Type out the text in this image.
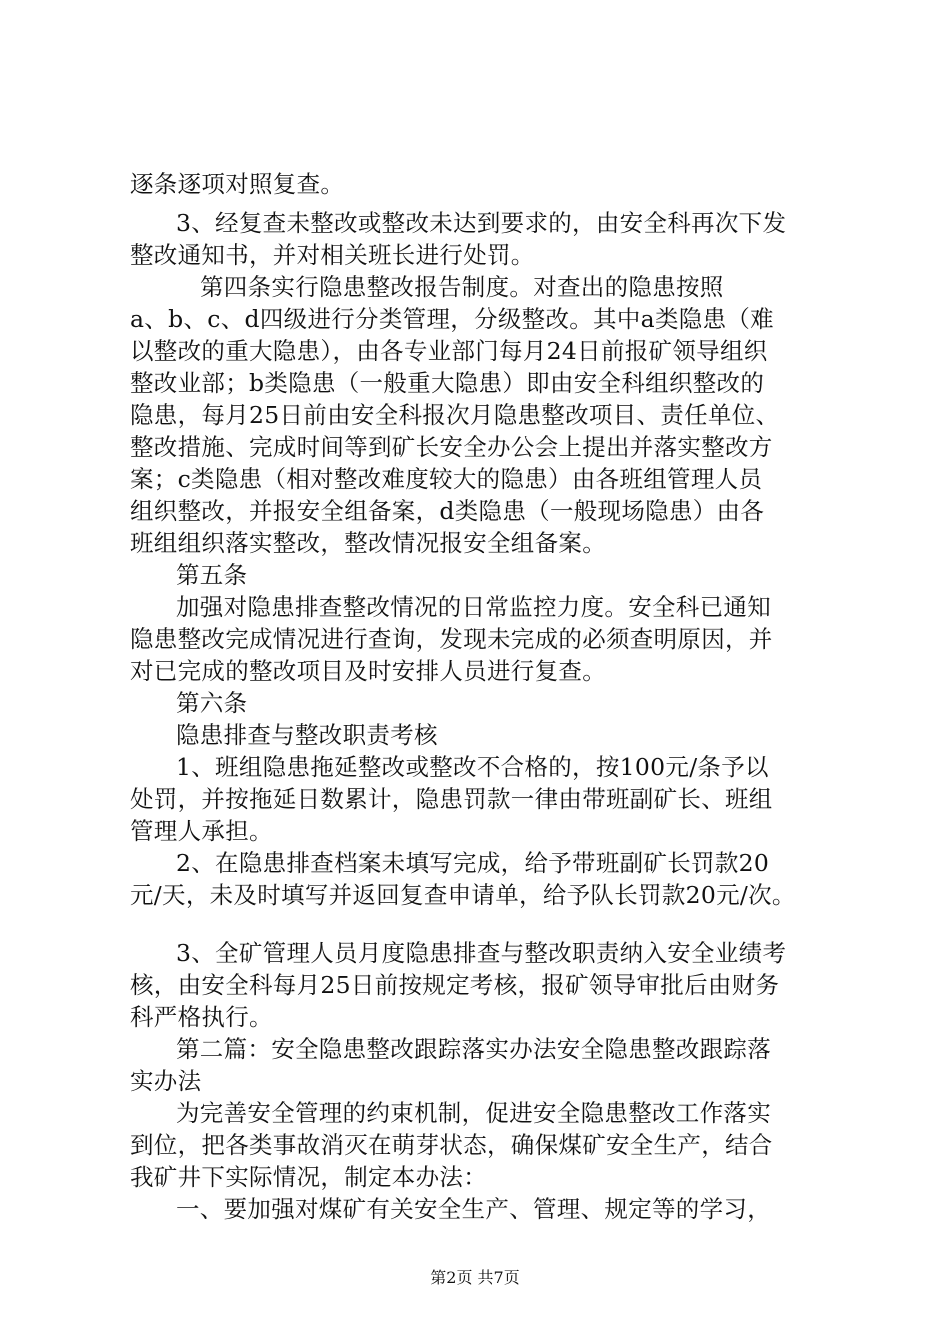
逐条逐项对照复查。
3、经复查未整改或整改未达到要求的，由安全科再次下发
整改通知书，并对相关班长进行处罚。
第四条实行隐患整改报告制度。对查出的隐患按照
a、b、c、d四级进行分类管理，分级整改。其中a类隐患（难
以整改的重大隐患），由各专业部门每月24日前报矿领导组织
整改业部；b类隐患（一般重大隐患）即由安全科组织整改的
隐患，每月25日前由安全科报次月隐患整改项目、责任单位、
整改措施、完成时间等到矿长安全办公会上提出并落实整改方
案；c类隐患（相对整改难度较大的隐患）由各班组管理人员
组织整改，并报安全组备案，d类隐患（一般现场隐患）由各
班组组织落实整改，整改情况报安全组备案。
第五条
加强对隐患排查整改情况的日常监控力度。安全科已通知
隐患整改完成情况进行查询，发现未完成的必须查明原因，并
对已完成的整改项目及时安排人员进行复查。
第六条
隐患排查与整改职责考核
1、班组隐患拖延整改或整改不合格的，按100元/条予以
处罚，并按拖延日数累计，隐患罚款一律由带班副矿长、班组
管理人承担。
2、在隐患排查档案未填写完成，给予带班副矿长罚款20
元/天，未及时填写并返回复查申请单，给予队长罚款20元/次。
3、全矿管理人员月度隐患排查与整改职责纳入安全业绩考
核，由安全科每月25日前按规定考核，报矿领导审批后由财务
科严格执行。
第二篇：安全隐患整改跟踪落实办法安全隐患整改跟踪落
实办法
为完善安全管理的约束机制，促进安全隐患整改工作落实
到位，把各类事故消灭在萌芽状态，确保煤矿安全生产，结合
我矿井下实际情况，制定本办法：
一、要加强对煤矿有关安全生产、管理、规定等的学习，
第2页 共7页
